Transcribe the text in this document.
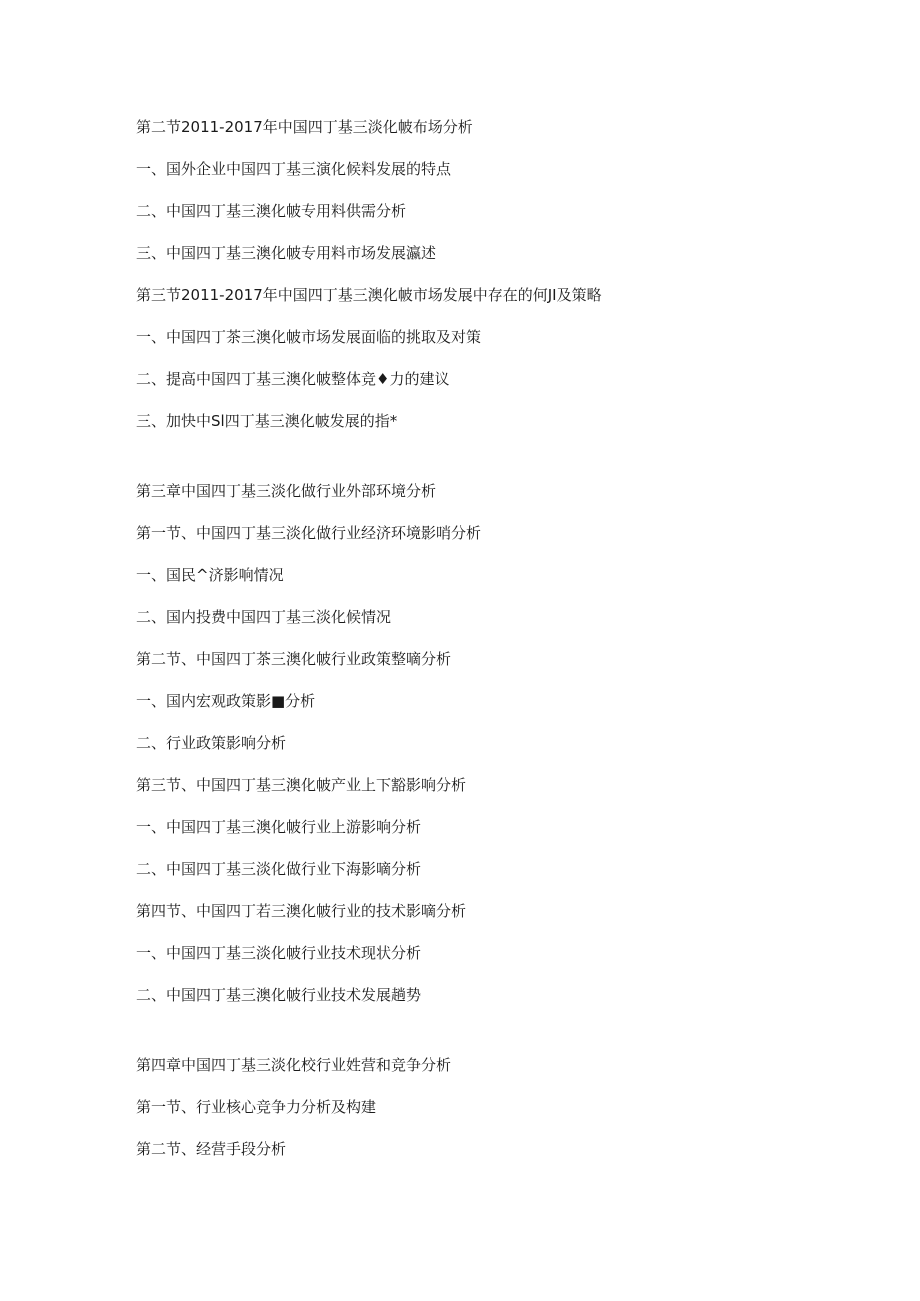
第二节2011-2017年中国四丁基三淡化帔布场分析
一、国外企业中国四丁基三演化候料发展的特点
二、中国四丁基三澳化帔专用料供需分析
三、中国四丁基三澳化帔专用料市场发展瀛述
第三节2011-2017年中国四丁基三澳化帔市场发展中存在的何JI及策略
一、中国四丁茶三澳化帔市场发展面临的挑取及对策
二、提高中国四丁基三澳化帔整体竞♦力的建议
三、加快中Sl四丁基三澳化帔发展的指*
第三章中国四丁基三淡化做行业外部环境分析
第一节、中国四丁基三淡化做行业经济环境影哨分析
一、国民^济影响情况
二、国内投费中国四丁基三淡化候情况
第二节、中国四丁茶三澳化帔行业政策整嘀分析
一、国内宏观政策影■分析
二、行业政策影响分析
第三节、中国四丁基三澳化帔产业上下豁影响分析
一、中国四丁基三澳化帔行业上游影响分析
二、中国四丁基三淡化做行业下海影嘀分析
第四节、中国四丁若三澳化帔行业的技术影嘀分析
一、中国四丁基三淡化帔行业技术现状分析
二、中国四丁基三澳化帔行业技术发展趟势
第四章中国四丁基三淡化校行业姓营和竞争分析
第一节、行业核心竞争力分析及构建
第二节、经营手段分析
